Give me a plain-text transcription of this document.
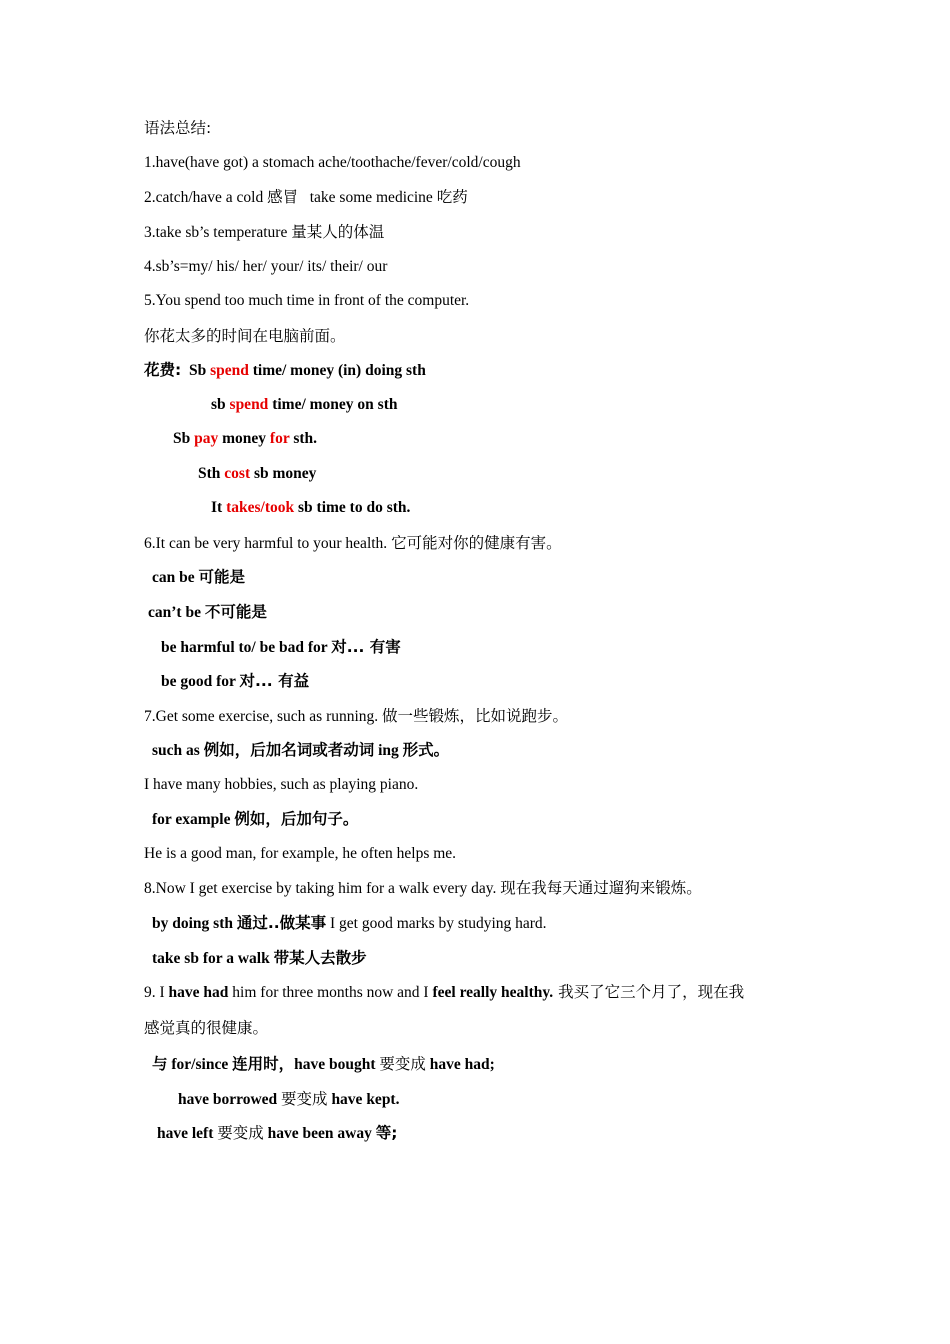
语法总结:
1.have(have got) a stomach ache/toothache/fever/cold/cough
2.catch/have a cold 感冒 take some medicine 吃药
3.take sb’s temperature 量某人的体温
4.sb’s=my/ his/ her/ your/ its/ their/ our
5.You spend too much time in front of the computer.
你花太多的时间在电脑前面。
花费: Sb spend time/ money (in) doing sth
sb spend time/ money on sth
Sb pay money for sth.
Sth cost sb money
It takes/took sb time to do sth.
6.It can be very harmful to your health. 它可能对你的健康有害。
can be 可能是
can’t be 不可能是
be harmful to/ be bad for 对... 有害
be good for 对... 有益
7.Get some exercise, such as running. 做一些锻炼，比如说跑步。
such as 例如，后加名词或者动词 ing 形式。
I have many hobbies, such as playing piano.
for example 例如，后加句子。
He is a good man, for example, he often helps me.
8.Now I get exercise by taking him for a walk every day. 现在我每天通过遛狗来锻炼。
by doing sth 通过..做某事 I get good marks by studying hard.
take sb for a walk 带某人去散步
9. I have had him for three months now and I feel really healthy. 我买了它三个月了，现在我
感觉真的很健康。
与 for/since 连用时，have bought 要变成 have had;
have borrowed 要变成 have kept.
have left 要变成 have been away 等;
